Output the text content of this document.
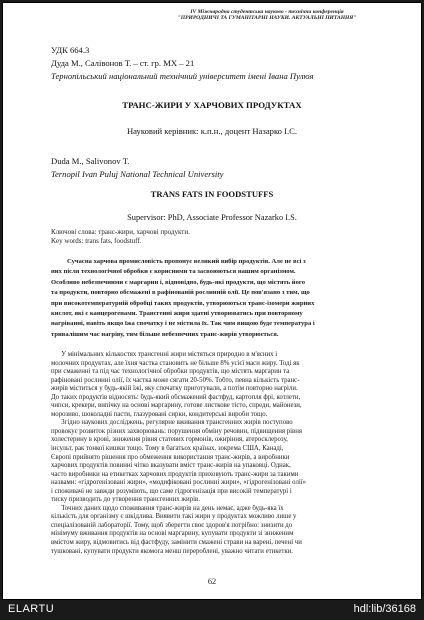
IV Міжнародна студентська науково - технічна конференція
"ПРИРОДНИЧІ ТА ГУМАНІТАРНІ НАУКИ. АКТУАЛЬНІ ПИТАННЯ"
УДК 664.3
Дуда М., Салівонов Т. – ст. гр. МХ – 21
Тернопільський національний технічний університет імені Івана Пулюя
ТРАНС-ЖИРИ У ХАРЧОВИХ ПРОДУКТАХ
Науковий керівник: к.п.н., доцент Назарко І.С.
Duda M., Salivonov T.
Ternopil Ivan Puluj National Technical University
TRANS FATS IN FOODSTUFFS
Supervisor: PhD, Associate Professor Nazarko I.S.
Ключові слова: транс-жири, харчові продукти.
Key words: trans fats, foodstuff.
Сучасна харчова промисловість пропонує великий вибір продуктів. Але не всі з
них після технологічної обробки є корисними та засвоюються нашим організмом.
Особливо небезпечними є маргарин і, відповідно, будь-які продукти, що містять його
та продукти, повторно обсмажені в рафінованій рослинній олії. Це пов'язано з тим, що
при високотемпературній обробці таких продуктів, утворюються транс-ізомери жирних
кислот, які є канцерогенами. Трансгенні жири здатні утворюватись при повторному
нагріванні, навіть якщо їжа спочатку і не містила їх. Так чим вищою буде температура і
тривалішим час нагріву, тим більше небезпечних транс-жирів утворюється.
У мінімальних кількостях трансгенні жири містяться природно в м'ясних і
молочних продуктах, але їхня частка становить не більше 8% усієї маси жиру. Тоді як
при смаженні та під час технологічної обробки продуктів, що містять маргарин та
рафіновані рослинні олії, їх частка може сягати 20-50%. Тобто, певна кількість транс-
жирів міститься у будь-якій їжі, яку спочатку приготували, а потім повторно нагріли.
До таких продуктів відносять: будь-який обсмажений фастфуд, картопля фрі, котлети,
чипси, крекери, випічку на основі маргарину, готове листкове тісто, спреди, майонези,
морозиво, шоколадні пасти, глазуровані сирки, кондитерські вироби тощо.
Згідно наукових досліджень, регулярне вживання трансгенних жирів поступово
провокує розвиток різних захворювань: порушення обміну речовин, підвищення рівня
холестерину в крові, зниження рівня статевих гормонів, ожиріння, атеросклерозу,
інсульт, рак тонкої кишки тощо. Тому в багатьох країнах, зокрема США, Канаді,
Європі прийнято рішення про обмеження використання транс-жирів, а виробники
харчових продуктів повинні чітко вказувати вміст транс-жирів на упаковці. Однак,
часто виробники на етикетках харчових продуктів приховують транс-жири за такими
назвами: «гідрогенізовані жири», «модифіковані рослинні жири», «гідрогенізовані олії»
і споживачі не завжди розуміють, що саме гідрогенізація при високій температурі і
тиску призводить до утворення трансгенних жирів.
Точних даних щодо споживання транс-жирів на день немає, адже будь-яка їх
кількість для організму є шкідлива. Виявити такі жири у продуктах можливо лише у
спеціалізованій лабораторії. Тому, щоб зберегти своє здоров'я потрібно: знизити до
мінімуму вживання продуктів на основі маргарину, купувати продукти зі зниженим
вмістом жиру, відмовитись від фастфуду, замінити смажені страви на варені, печені чи
тушковані, купувати продукти якомога менш перероблені, уважно читати етикетки.
62
ELARTU	hdl:lib/36168
